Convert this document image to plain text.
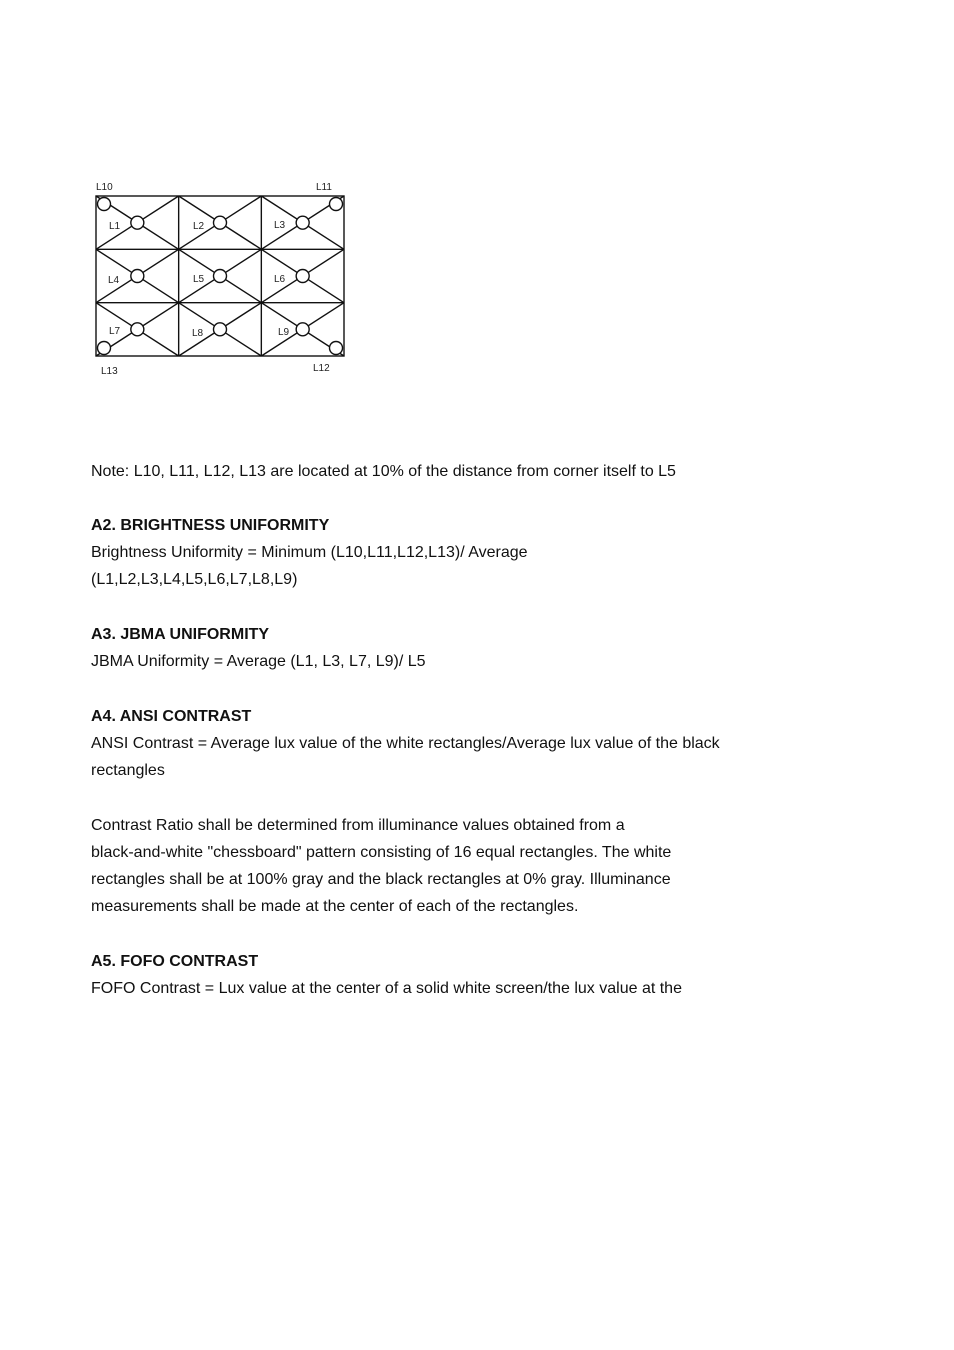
L1	L2	L3
L4	L5	L6
L7	L8	L9
L10	L11
L12
L13
Note: L10, L11, L12, L13 are located at 10% of the distance from corner itself to L5
A2. BRIGHTNESS UNIFORMITY
Brightness Uniformity = Minimum (L10,L11,L12,L13)/ Average
(L1,L2,L3,L4,L5,L6,L7,L8,L9)
A3. JBMA UNIFORMITY
JBMA Uniformity = Average (L1, L3, L7, L9)/ L5
A4. ANSI CONTRAST
ANSI Contrast = Average lux value of the white rectangles/Average lux value of the black
rectangles
Contrast Ratio shall be determined from illuminance values obtained from a
black-and-white "chessboard" pattern consisting of 16 equal rectangles. The white
rectangles shall be at 100% gray and the black rectangles at 0% gray. Illuminance
measurements shall be made at the center of each of the rectangles.
A5. FOFO CONTRAST
FOFO Contrast = Lux value at the center of a solid white screen/the lux value at the
